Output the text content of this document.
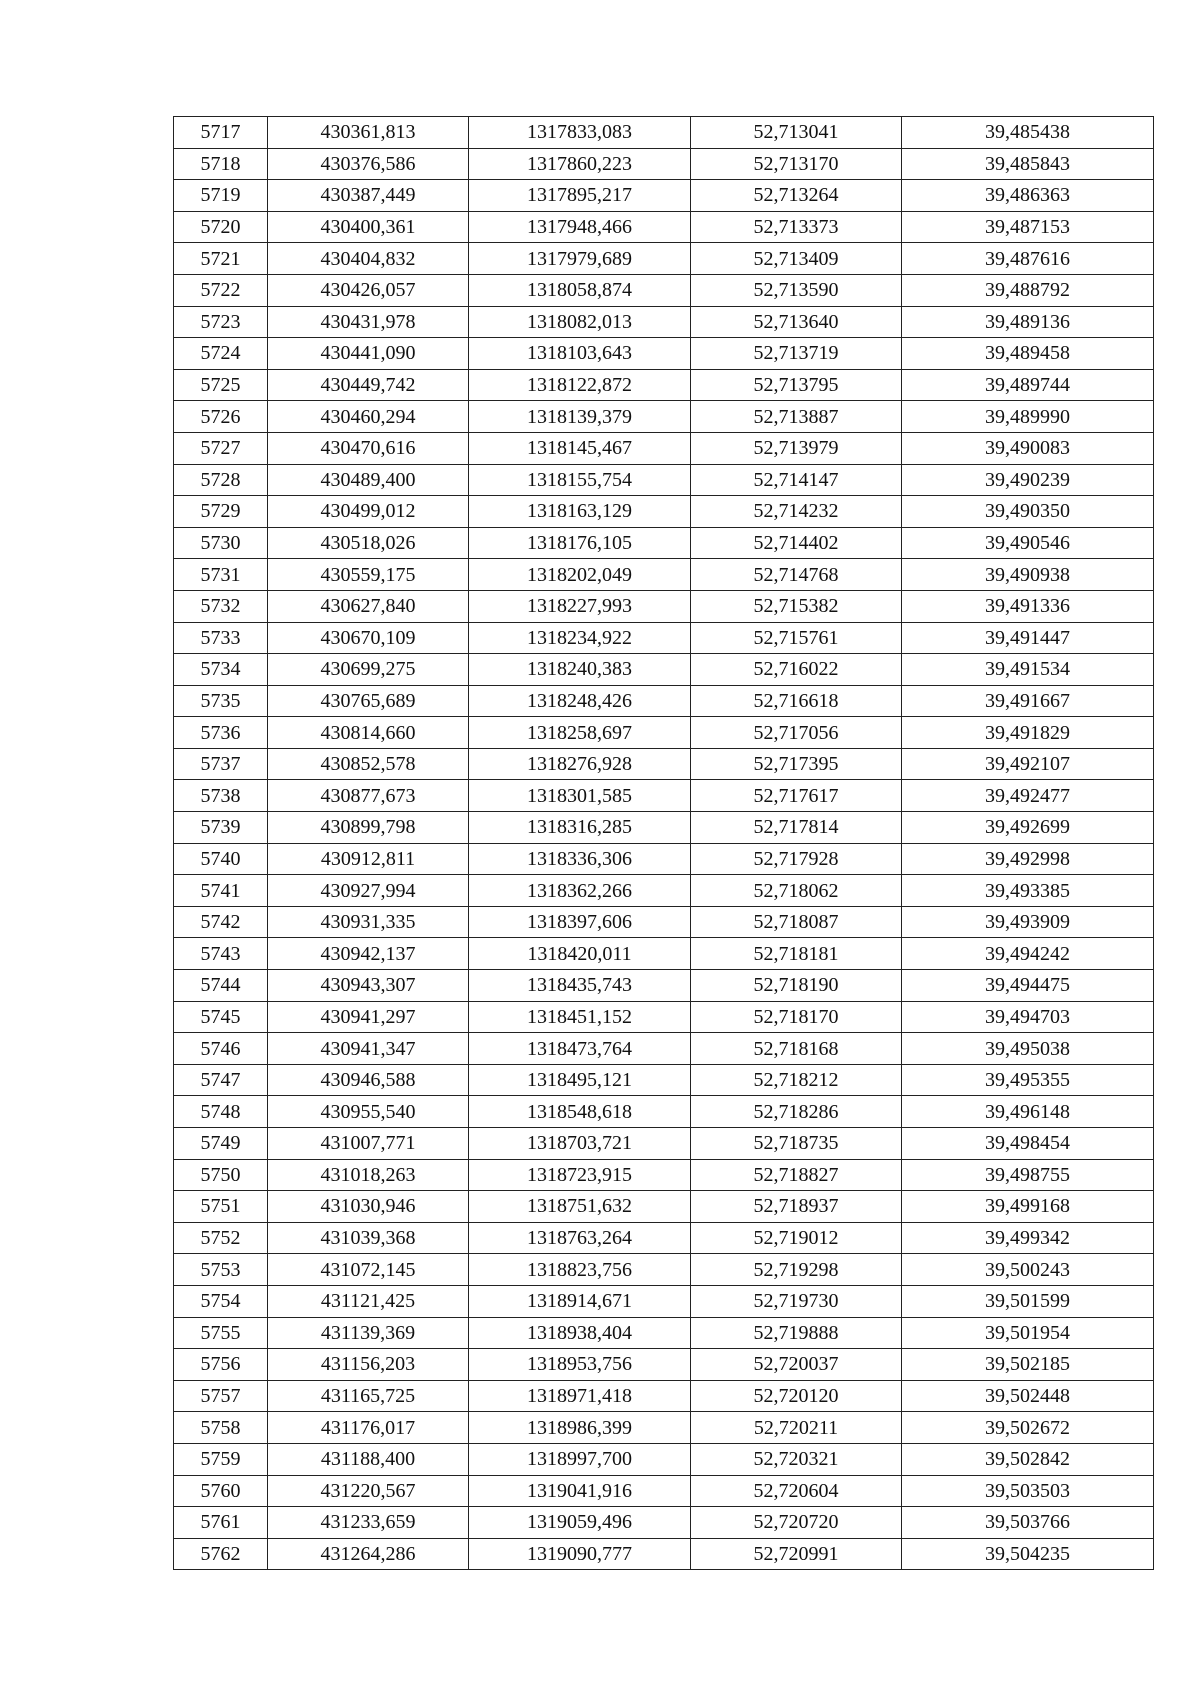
5717	430361,813	1317833,083	52,713041	39,485438
5718	430376,586	1317860,223	52,713170	39,485843
5719	430387,449	1317895,217	52,713264	39,486363
5720	430400,361	1317948,466	52,713373	39,487153
5721	430404,832	1317979,689	52,713409	39,487616
5722	430426,057	1318058,874	52,713590	39,488792
5723	430431,978	1318082,013	52,713640	39,489136
5724	430441,090	1318103,643	52,713719	39,489458
5725	430449,742	1318122,872	52,713795	39,489744
5726	430460,294	1318139,379	52,713887	39,489990
5727	430470,616	1318145,467	52,713979	39,490083
5728	430489,400	1318155,754	52,714147	39,490239
5729	430499,012	1318163,129	52,714232	39,490350
5730	430518,026	1318176,105	52,714402	39,490546
5731	430559,175	1318202,049	52,714768	39,490938
5732	430627,840	1318227,993	52,715382	39,491336
5733	430670,109	1318234,922	52,715761	39,491447
5734	430699,275	1318240,383	52,716022	39,491534
5735	430765,689	1318248,426	52,716618	39,491667
5736	430814,660	1318258,697	52,717056	39,491829
5737	430852,578	1318276,928	52,717395	39,492107
5738	430877,673	1318301,585	52,717617	39,492477
5739	430899,798	1318316,285	52,717814	39,492699
5740	430912,811	1318336,306	52,717928	39,492998
5741	430927,994	1318362,266	52,718062	39,493385
5742	430931,335	1318397,606	52,718087	39,493909
5743	430942,137	1318420,011	52,718181	39,494242
5744	430943,307	1318435,743	52,718190	39,494475
5745	430941,297	1318451,152	52,718170	39,494703
5746	430941,347	1318473,764	52,718168	39,495038
5747	430946,588	1318495,121	52,718212	39,495355
5748	430955,540	1318548,618	52,718286	39,496148
5749	431007,771	1318703,721	52,718735	39,498454
5750	431018,263	1318723,915	52,718827	39,498755
5751	431030,946	1318751,632	52,718937	39,499168
5752	431039,368	1318763,264	52,719012	39,499342
5753	431072,145	1318823,756	52,719298	39,500243
5754	431121,425	1318914,671	52,719730	39,501599
5755	431139,369	1318938,404	52,719888	39,501954
5756	431156,203	1318953,756	52,720037	39,502185
5757	431165,725	1318971,418	52,720120	39,502448
5758	431176,017	1318986,399	52,720211	39,502672
5759	431188,400	1318997,700	52,720321	39,502842
5760	431220,567	1319041,916	52,720604	39,503503
5761	431233,659	1319059,496	52,720720	39,503766
5762	431264,286	1319090,777	52,720991	39,504235
